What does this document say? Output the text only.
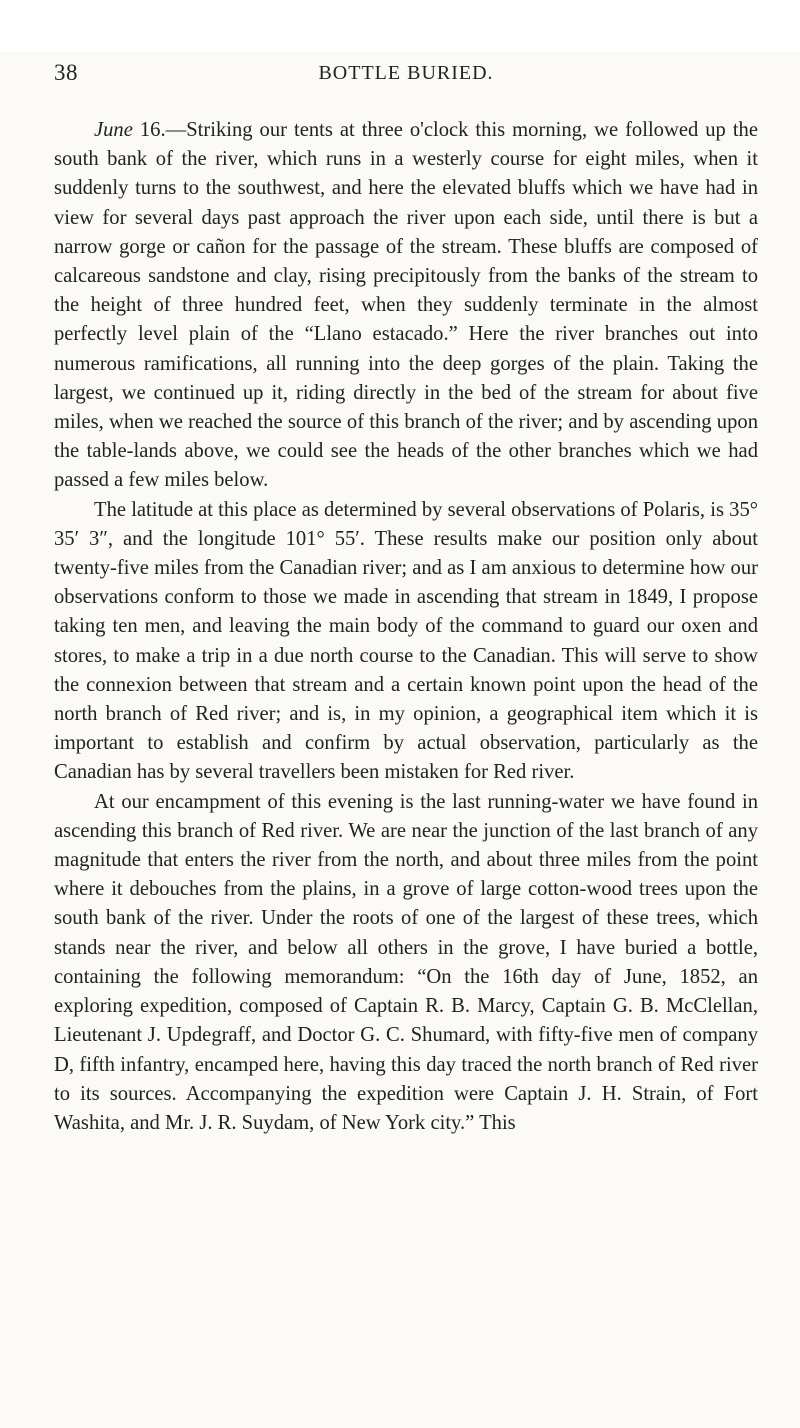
38	BOTTLE BURIED.

June 16.—Striking our tents at three o'clock this morning, we followed up the south bank of the river, which runs in a westerly course for eight miles, when it suddenly turns to the southwest, and here the elevated bluffs which we have had in view for several days past approach the river upon each side, until there is but a narrow gorge or cañon for the passage of the stream. These bluffs are composed of calcareous sandstone and clay, rising precipitously from the banks of the stream to the height of three hundred feet, when they suddenly terminate in the almost perfectly level plain of the “Llano estacado.” Here the river branches out into numerous ramifications, all running into the deep gorges of the plain. Taking the largest, we continued up it, riding directly in the bed of the stream for about five miles, when we reached the source of this branch of the river; and by ascending upon the table-lands above, we could see the heads of the other branches which we had passed a few miles below.

The latitude at this place as determined by several observations of Polaris, is 35° 35′ 3″, and the longitude 101° 55′. These results make our position only about twenty-five miles from the Canadian river; and as I am anxious to determine how our observations conform to those we made in ascending that stream in 1849, I propose taking ten men, and leaving the main body of the command to guard our oxen and stores, to make a trip in a due north course to the Canadian. This will serve to show the connexion between that stream and a certain known point upon the head of the north branch of Red river; and is, in my opinion, a geographical item which it is important to establish and confirm by actual observation, particularly as the Canadian has by several travellers been mistaken for Red river.

At our encampment of this evening is the last running-water we have found in ascending this branch of Red river. We are near the junction of the last branch of any magnitude that enters the river from the north, and about three miles from the point where it debouches from the plains, in a grove of large cotton-wood trees upon the south bank of the river. Under the roots of one of the largest of these trees, which stands near the river, and below all others in the grove, I have buried a bottle, containing the following memorandum: “On the 16th day of June, 1852, an exploring expedition, composed of Captain R. B. Marcy, Captain G. B. McClellan, Lieutenant J. Updegraff, and Doctor G. C. Shumard, with fifty-five men of company D, fifth infantry, encamped here, having this day traced the north branch of Red river to its sources. Accompanying the expedition were Captain J. H. Strain, of Fort Washita, and Mr. J. R. Suydam, of New York city.” This
